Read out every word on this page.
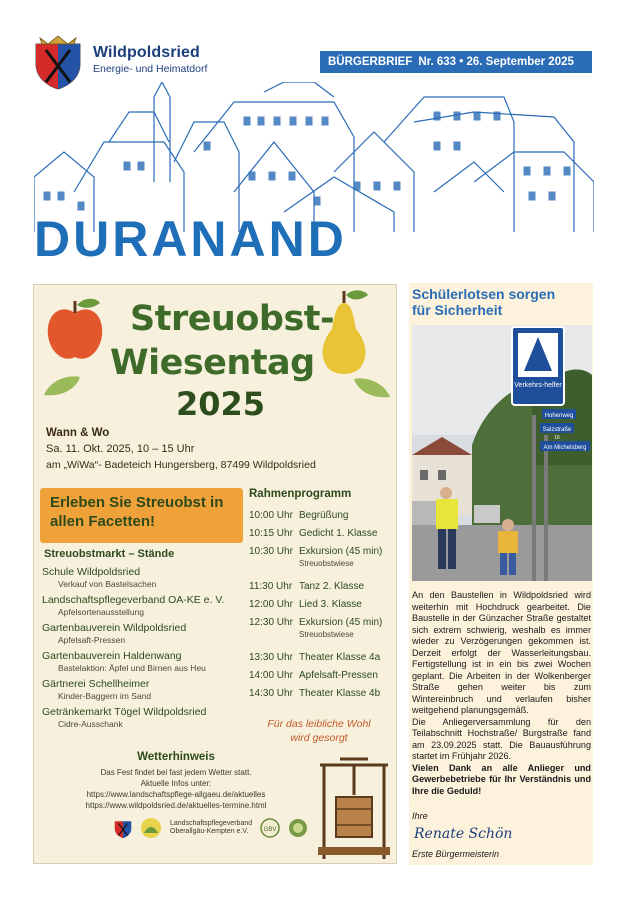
Wildpoldsried
Energie- und Heimatdorf
BÜRGERBRIEF Nr. 633 • 26. September 2025
DURANAND
Streuobst-
Wiesentag
2025
Wann & Wo
Sa. 11. Okt. 2025, 10 – 15 Uhr
am „WiWa“- Badeteich Hungersberg, 87499 Wildpoldsried
Erleben Sie Streuobst in allen Facetten!
Streuobstmarkt – Stände
Schule Wildpoldsried
Verkauf von Bastelsachen
Landschaftspflegeverband OA-KE e. V.
Apfelsortenausstellung
Gartenbauverein Wildpoldsried
Apfelsaft-Pressen
Gartenbauverein Haldenwang
Bastelaktion: Äpfel und Birnen aus Heu
Gärtnerei Schellheimer
Kinder-Baggern im Sand
Getränkemarkt Tögel Wildpoldsried
Cidre-Ausschank
Rahmenprogramm
10:00 Uhr Begrüßung
10:15 Uhr Gedicht 1. Klasse
10:30 Uhr Exkursion (45 min)
Streuobstwiese
11:30 Uhr Tanz 2. Klasse
12:00 Uhr Lied 3. Klasse
12:30 Uhr Exkursion (45 min)
Streuobstwiese
13:30 Uhr Theater Klasse 4a
14:00 Uhr Apfelsaft-Pressen
14:30 Uhr Theater Klasse 4b
Für das leibliche Wohl
wird gesorgt
Wetterhinweis
Das Fest findet bei fast jedem Wetter statt.
Aktuelle Infos unter:
https://www.landschaftspflege-allgaeu.de/aktuelles
https://www.wildpoldsried.de/aktuelles-termine.html
Landschaftspflegeverband
Oberallgäu-Kempten e.V.	GBV
Schülerlotsen sorgen
für Sicherheit
Verkehrs-helfer
Hohenweg
Salzstraße
16
Am Michelsberg

An den Baustellen in Wildpoldsried wird weiterhin mit Hochdruck gearbeitet. Die Baustelle in der Günzacher Straße gestaltet sich extrem schwierig, weshalb es immer wieder zu Verzögerungen gekommen ist. Derzeit erfolgt der Wasserleitungsbau. Fertigstellung ist in ein bis zwei Wochen geplant. Die Arbeiten in der Wolkenberger Straße gehen weiter bis zum Wintereinbruch und verlaufen bisher weitgehend planungsgemäß.

Die Anliegerversammlung für den Teilabschnitt Hochstraße/ Burgstraße fand am 23.09.2025 statt. Die Bauausführung startet im Frühjahr 2026.

Vielen Dank an alle Anlieger und Gewerbebetriebe für Ihr Verständnis und Ihre die Geduld!

Ihre

Renate Schön
Erste Bürgermeisterin
